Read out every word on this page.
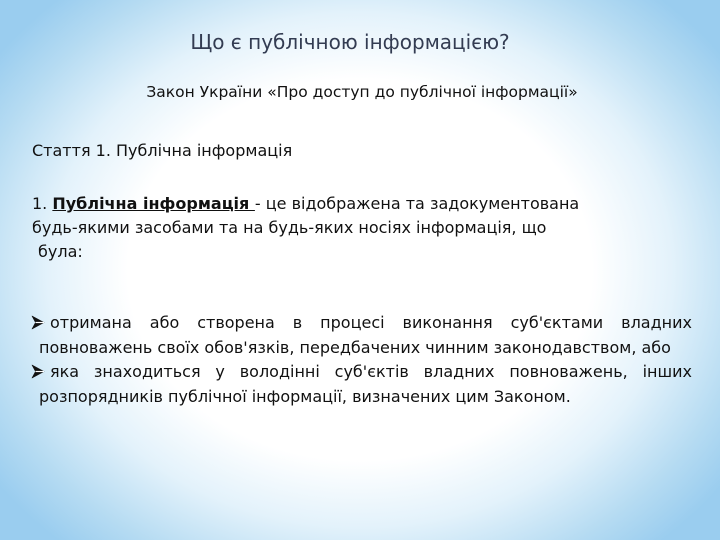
Що є публічною інформацією?
Закон України «Про доступ до публічної інформації»
Стаття 1. Публічна інформація
1. Публічна інформація - це відображена та задокументована
будь-якими засобами та на будь-яких носіях інформація, що
була:
отримана або створена в процесі виконання суб'єктами владних повноважень своїх обов'язків, передбачених чинним законодавством, або
яка знаходиться у володінні суб'єктів владних повноважень, інших розпорядників публічної інформації, визначених цим Законом.
